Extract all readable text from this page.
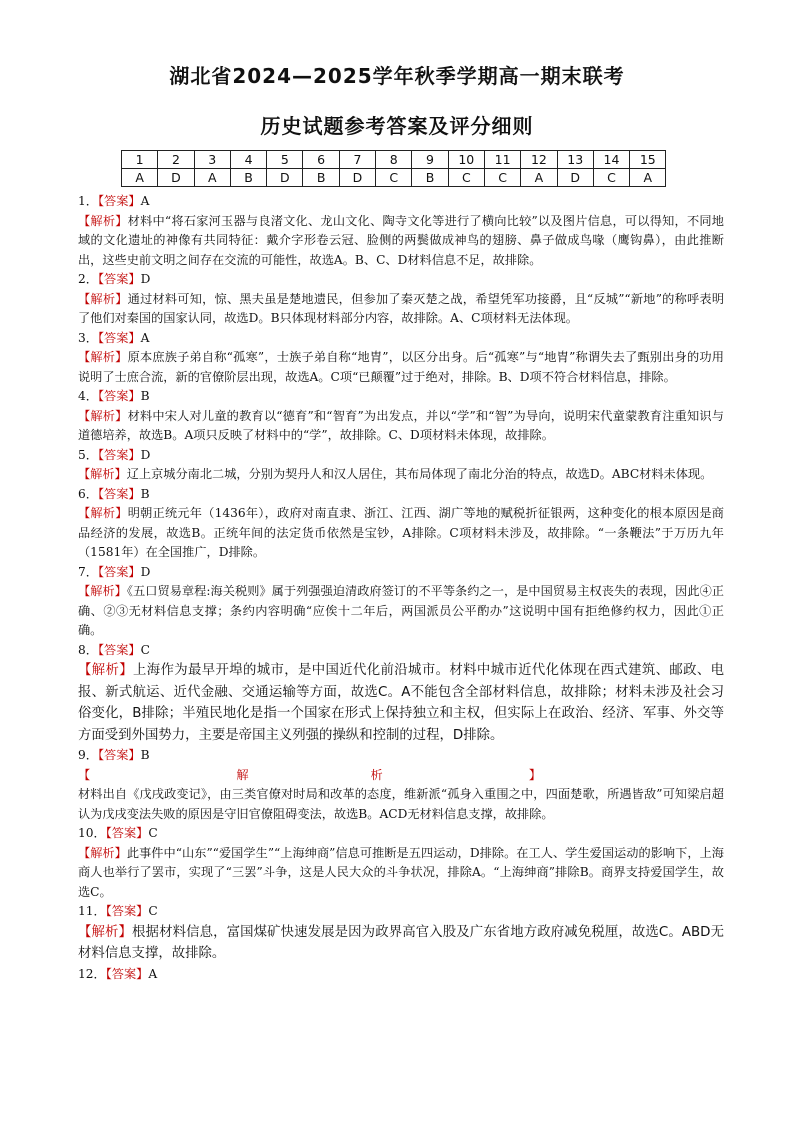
湖北省2024—2025学年秋季学期高一期末联考
历史试题参考答案及评分细则
1	2	3	4	5	6	7	8	9	10	11	12	13	14	15
A	D	A	B	D	B	D	C	B	C	C	A	D	C	A
1．【答案】A
【解析】材料中“将石家河玉器与良渚文化、龙山文化、陶寺文化等进行了横向比较”以及图片信息，可以得知，不同地域的文化遗址的神像有共同特征：戴介字形卷云冠、脸侧的两鬓做成神鸟的翅膀、鼻子做成鸟喙（鹰钩鼻），由此推断出，这些史前文明之间存在交流的可能性，故选A。B、C、D材料信息不足，故排除。
2．【答案】D
【解析】通过材料可知，惊、黑夫虽是楚地遗民，但参加了秦灭楚之战，希望凭军功接爵，且“反城”“新地”的称呼表明了他们对秦国的国家认同，故选D。B只体现材料部分内容，故排除。A、C项材料无法体现。
3．【答案】A
【解析】原本庶族子弟自称“孤寒”，士族子弟自称“地胄”，以区分出身。后“孤寒”与“地胄”称谓失去了甄别出身的功用说明了士庶合流，新的官僚阶层出现，故选A。C项“已颠覆”过于绝对，排除。B、D项不符合材料信息，排除。
4．【答案】B
【解析】材料中宋人对儿童的教育以“德育”和“智育”为出发点，并以“学”和“智”为导向，说明宋代童蒙教育注重知识与道德培养，故选B。A项只反映了材料中的“学”，故排除。C、D项材料未体现，故排除。
5．【答案】D
【解析】辽上京城分南北二城，分别为契丹人和汉人居住，其布局体现了南北分治的特点，故选D。ABC材料未体现。
6．【答案】B
【解析】明朝正统元年（1436年），政府对南直隶、浙江、江西、湖广等地的赋税折征银两，这种变化的根本原因是商品经济的发展，故选B。正统年间的法定货币依然是宝钞，A排除。C项材料未涉及，故排除。“一条鞭法”于万历九年（1581年）在全国推广，D排除。
7．【答案】D
【解析】《五口贸易章程:海关税则》属于列强强迫清政府签订的不平等条约之一，是中国贸易主权丧失的表现，因此④正确、②③无材料信息支撑；条约内容明确“应俟十二年后，两国派员公平酌办”这说明中国有拒绝修约权力，因此①正确。
8．【答案】C
【解析】上海作为最早开埠的城市，是中国近代化前沿城市。材料中城市近代化体现在西式建筑、邮政、电报、新式航运、近代金融、交通运输等方面，故选C。A不能包含全部材料信息，故排除；材料未涉及社会习俗变化，B排除；半殖民地化是指一个国家在形式上保持独立和主权，但实际上在政治、经济、军事、外交等方面受到外国势力，主要是帝国主义列强的操纵和控制的过程，D排除。
9．【答案】B
【　　　　　　　　　　　　解　　　　　　　　　　析　　　　　　　　　　　　】
材料出自《戊戌政变记》，由三类官僚对时局和改革的态度，维新派“孤身入重围之中，四面楚歌，所遇皆敌”可知梁启超认为戊戌变法失败的原因是守旧官僚阻碍变法，故选B。ACD无材料信息支撑，故排除。
10．【答案】C
【解析】此事件中“山东”“爱国学生”“上海绅商”信息可推断是五四运动，D排除。在工人、学生爱国运动的影响下，上海商人也举行了罢市，实现了“三罢”斗争，这是人民大众的斗争状况，排除A。“上海绅商”排除B。商界支持爱国学生，故选C。
11．【答案】C
【解析】根据材料信息，富国煤矿快速发展是因为政界高官入股及广东省地方政府减免税厘，故选C。ABD无材料信息支撑，故排除。
12．【答案】A
